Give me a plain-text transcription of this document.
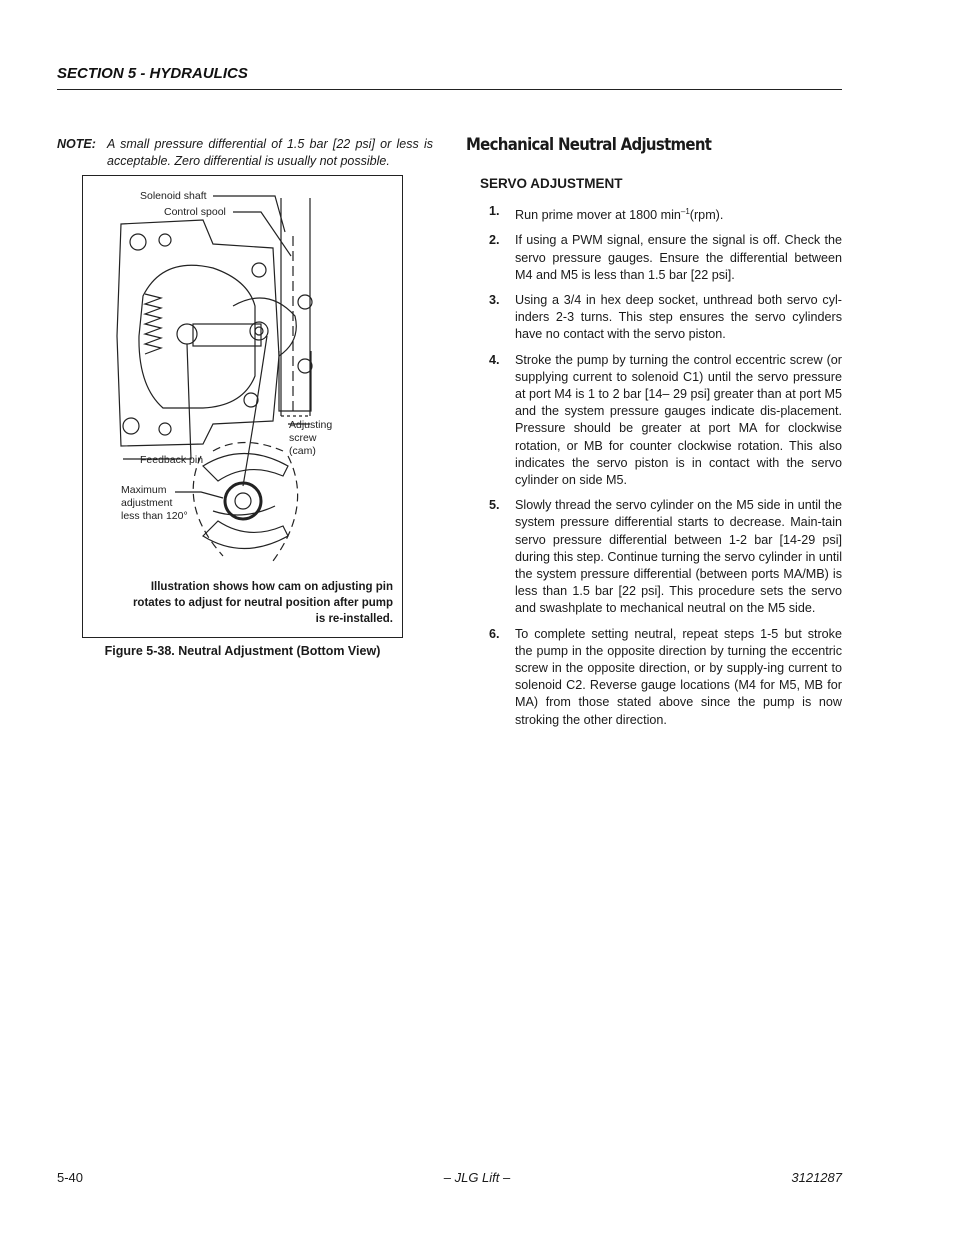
SECTION 5 - HYDRAULICS
NOTE: A small pressure differential of 1.5 bar [22 psi] or less is acceptable. Zero differential is usually not possible.
Solenoid shaft
Control spool
Adjusting
screw
(cam)
Feedback pin
Maximum
adjustment
less than 120°
Illustration shows how cam on adjusting pin
rotates to adjust for neutral position after pump
is re-installed.
Figure 5-38. Neutral Adjustment (Bottom View)
Mechanical Neutral Adjustment
SERVO ADJUSTMENT
1. Run prime mover at 1800 $\min^{-1}(rpm)$.
2. If using a PWM signal, ensure the signal is off. Check the servo pressure gauges. Ensure the differential between M4 and M5 is less than 1.5 bar [22 psi].
3. Using a 3/4 in hex deep socket, unthread both servo cyl-inders 2-3 turns. This step ensures the servo cylinders have no contact with the servo piston.
4. Stroke the pump by turning the control eccentric screw (or supplying current to solenoid C1) until the servo pressure at port M4 is 1 to 2 bar [14– 29 psi] greater than at port M5 and the system pressure gauges indicate dis-placement. Pressure should be greater at port MA for clockwise rotation, or MB for counter clockwise rotation. This also indicates the servo piston is in contact with the servo cylinder on side M5.
5. Slowly thread the servo cylinder on the M5 side in until the system pressure differential starts to decrease. Main-tain servo pressure differential between 1-2 bar [14-29 psi] during this step. Continue turning the servo cylinder in until the system pressure differential (between ports MA/MB) is less than 1.5 bar [22 psi]. This procedure sets the servo and swashplate to mechanical neutral on the M5 side.
6. To complete setting neutral, repeat steps 1-5 but stroke the pump in the opposite direction by turning the eccentric screw in the opposite direction, or by supply-ing current to solenoid C2. Reverse gauge locations (M4 for M5, MB for MA) from those stated above since the pump is now stroking the other direction.
5-40	– JLG Lift –	3121287
